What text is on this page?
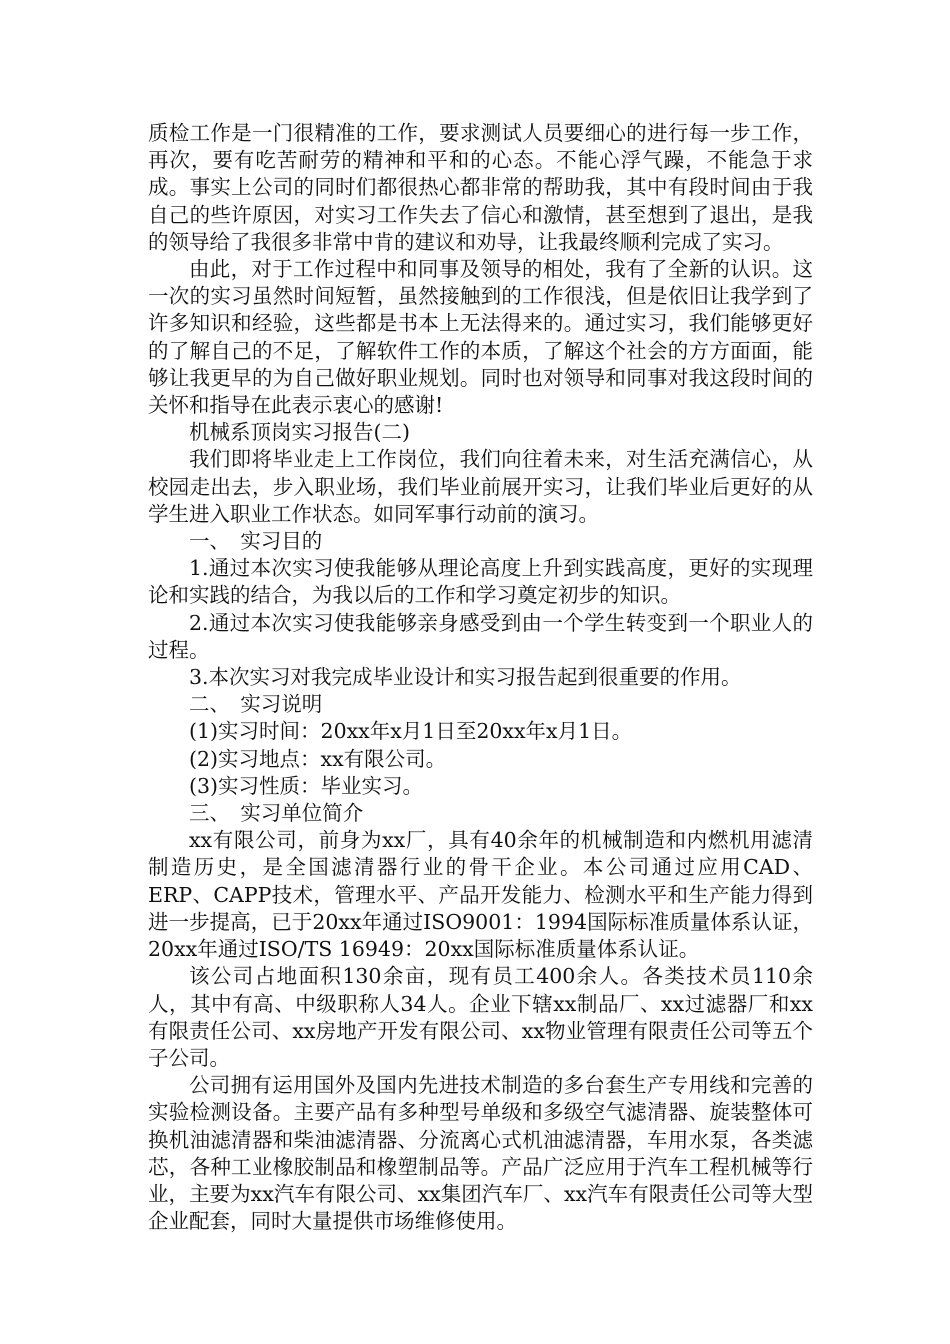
质检工作是一门很精准的工作，要求测试人员要细心的进行每一步工作，再次，要有吃苦耐劳的精神和平和的心态。不能心浮气躁，不能急于求成。事实上公司的同时们都很热心都非常的帮助我，其中有段时间由于我自己的些许原因，对实习工作失去了信心和激情，甚至想到了退出，是我的领导给了我很多非常中肯的建议和劝导，让我最终顺利完成了实习。

由此，对于工作过程中和同事及领导的相处，我有了全新的认识。这一次的实习虽然时间短暂，虽然接触到的工作很浅，但是依旧让我学到了许多知识和经验，这些都是书本上无法得来的。通过实习，我们能够更好的了解自己的不足，了解软件工作的本质，了解这个社会的方方面面，能够让我更早的为自己做好职业规划。同时也对领导和同事对我这段时间的关怀和指导在此表示衷心的感谢!

机械系顶岗实习报告(二)

我们即将毕业走上工作岗位，我们向往着未来，对生活充满信心，从校园走出去，步入职业场，我们毕业前展开实习，让我们毕业后更好的从学生进入职业工作状态。如同军事行动前的演习。

一、　实习目的

1.通过本次实习使我能够从理论高度上升到实践高度，更好的实现理论和实践的结合，为我以后的工作和学习奠定初步的知识。

2.通过本次实习使我能够亲身感受到由一个学生转变到一个职业人的过程。

3.本次实习对我完成毕业设计和实习报告起到很重要的作用。

二、　实习说明

(1)实习时间：20xx年x月1日至20xx年x月1日。

(2)实习地点：xx有限公司。

(3)实习性质：毕业实习。

三、　实习单位简介

xx有限公司，前身为xx厂，具有40余年的机械制造和内燃机用滤清制造历史，是全国滤清器行业的骨干企业。本公司通过应用CAD、ERP、CAPP技术，管理水平、产品开发能力、检测水平和生产能力得到进一步提高，已于20xx年通过ISO9001：1994国际标准质量体系认证，20xx年通过ISO/TS 16949：20xx国际标准质量体系认证。

该公司占地面积130余亩，现有员工400余人。各类技术员110余人，其中有高、中级职称人34人。企业下辖xx制品厂、xx过滤器厂和xx有限责任公司、xx房地产开发有限公司、xx物业管理有限责任公司等五个子公司。

公司拥有运用国外及国内先进技术制造的多台套生产专用线和完善的实验检测设备。主要产品有多种型号单级和多级空气滤清器、旋装整体可换机油滤清器和柴油滤清器、分流离心式机油滤清器，车用水泵，各类滤芯，各种工业橡胶制品和橡塑制品等。产品广泛应用于汽车工程机械等行业，主要为xx汽车有限公司、xx集团汽车厂、xx汽车有限责任公司等大型企业配套，同时大量提供市场维修使用。
